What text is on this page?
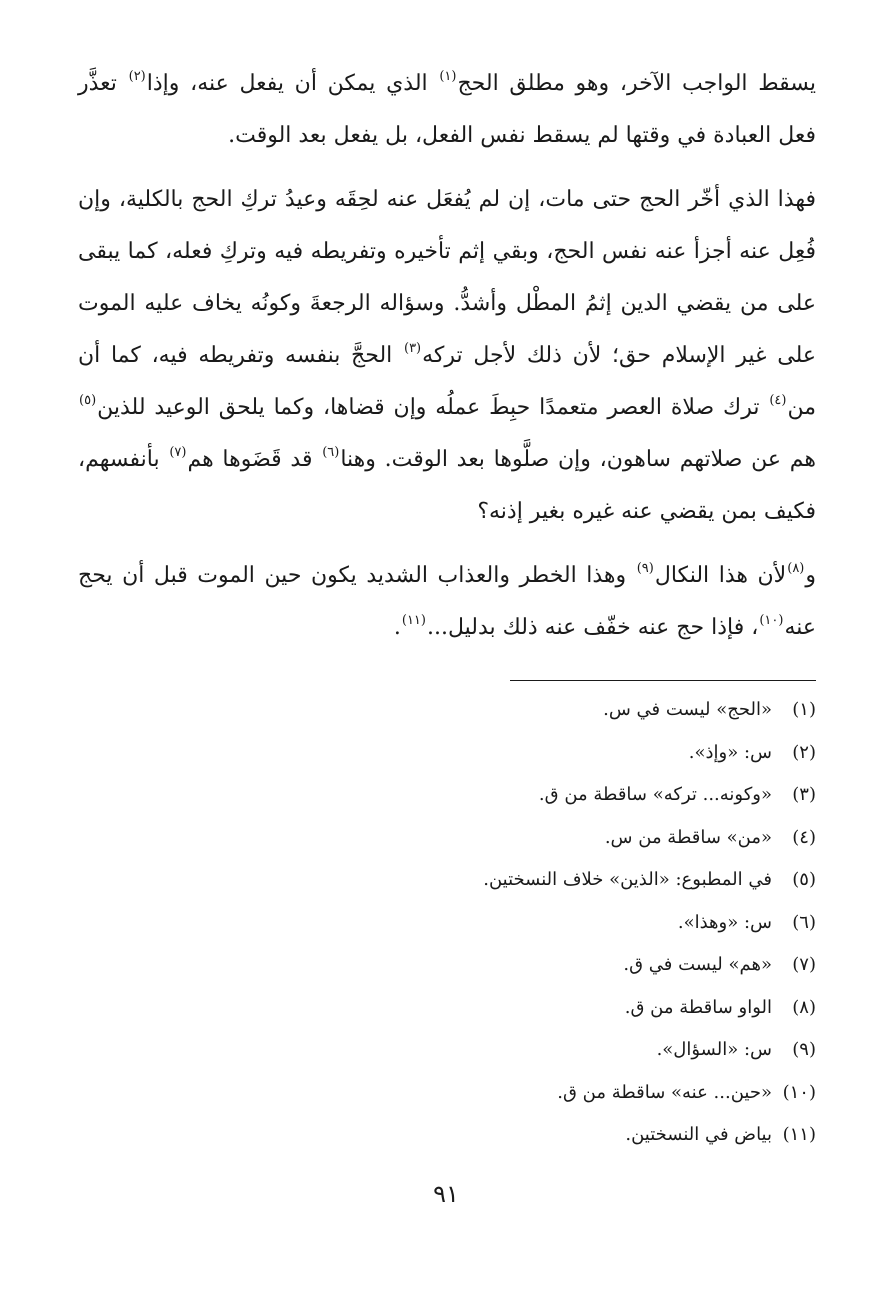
يسقط الواجب الآخر، وهو مطلق الحج$^{(١)}$ الذي يمكن أن يفعل عنه، وإذا$^{(٢)}$ تعذَّر فعل العبادة في وقتها لم يسقط نفس الفعل، بل يفعل بعد الوقت.

فهذا الذي أخّر الحج حتى مات، إن لم يُفعَل عنه لحِقَه وعيدُ تركِ الحج بالكلية، وإن فُعِل عنه أجزأ عنه نفس الحج، وبقي إثم تأخيره وتفريطه فيه وتركِ فعله، كما يبقى على من يقضي الدين إثمُ المطْل وأشدُّ. وسؤاله الرجعةَ وكونُه يخاف عليه الموت على غير الإسلام حق؛ لأن ذلك لأجل تركه$^{(٣)}$ الحجَّ بنفسه وتفريطه فيه، كما أن من$^{(٤)}$ ترك صلاة العصر متعمدًا حبِطَ عملُه وإن قضاها، وكما يلحق الوعيد للذين$^{(٥)}$ هم عن صلاتهم ساهون، وإن صلَّوها بعد الوقت. وهنا$^{(٦)}$ قد قَضَوها هم$^{(٧)}$ بأنفسهم، فكيف بمن يقضي عنه غيره بغير إذنه؟

و$^{(٨)}$لأن هذا النكال$^{(٩)}$ وهذا الخطر والعذاب الشديد يكون حين الموت قبل أن يحج عنه$^{(١٠)}$، فإذا حج عنه خفّف عنه ذلك بدليل...$^{(١١)}$.

(١)
«الحج» ليست في س.
(٢)
س: «وإذ».
(٣)
«وكونه... تركه» ساقطة من ق.
(٤)
«من» ساقطة من س.
(٥)
في المطبوع: «الذين» خلاف النسختين.
(٦)
س: «وهذا».
(٧)
«هم» ليست في ق.
(٨)
الواو ساقطة من ق.
(٩)
س: «السؤال».
(١٠)
«حين... عنه» ساقطة من ق.
(١١)
بياض في النسختين.
٩١
